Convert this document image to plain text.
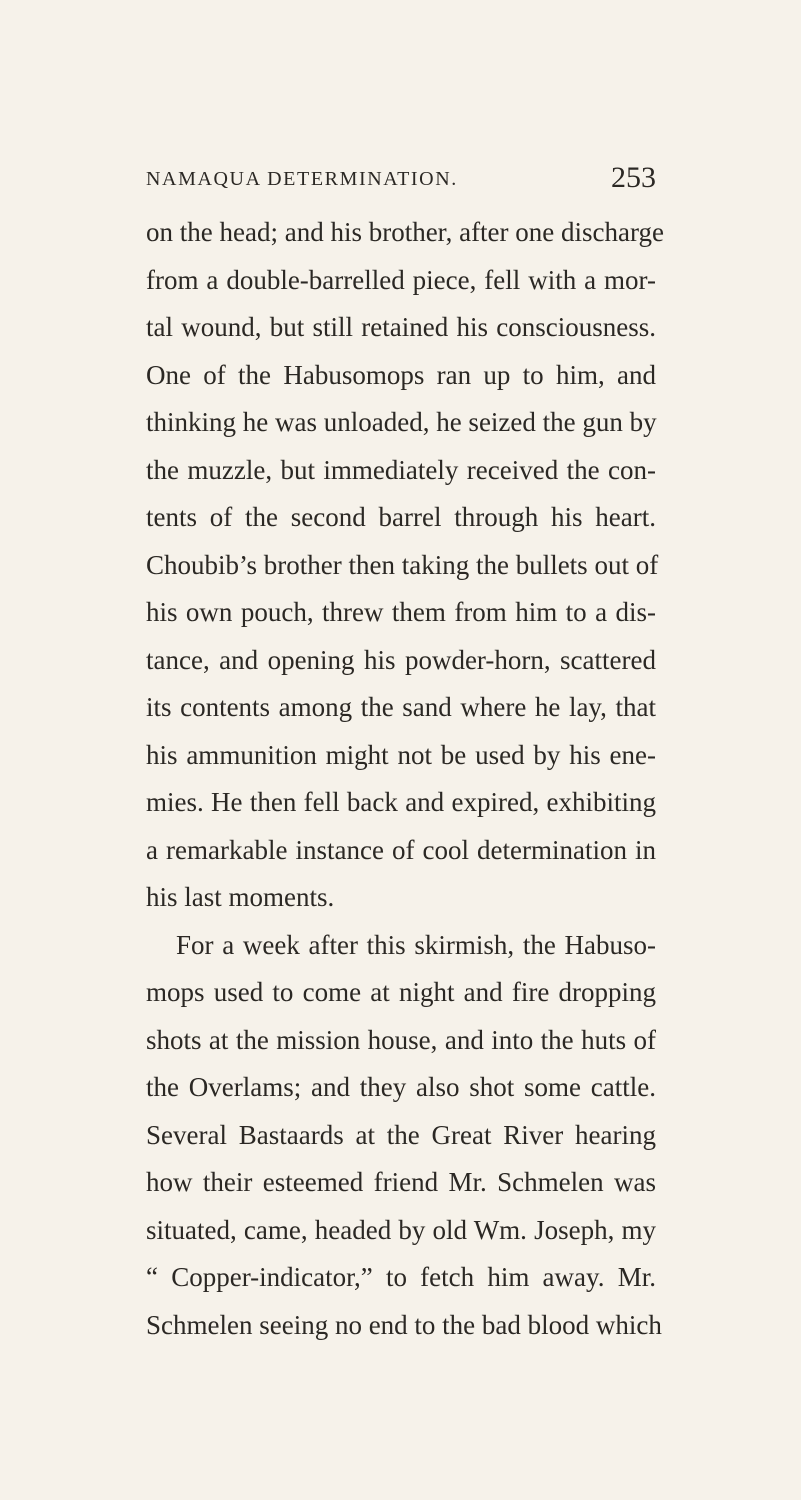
NAMAQUA DETERMINATION.	253
on the head; and his brother, after one discharge
from a double-barrelled piece, fell with a mor-
tal wound, but still retained his consciousness.
One of the Habusomops ran up to him, and
thinking he was unloaded, he seized the gun by
the muzzle, but immediately received the con-
tents of the second barrel through his heart.
Choubib’s brother then taking the bullets out of
his own pouch, threw them from him to a dis-
tance, and opening his powder-horn, scattered
its contents among the sand where he lay, that
his ammunition might not be used by his ene-
mies. He then fell back and expired, exhibiting
a remarkable instance of cool determination in
his last moments.
For a week after this skirmish, the Habuso-
mops used to come at night and fire dropping
shots at the mission house, and into the huts of
the Overlams; and they also shot some cattle.
Several Bastaards at the Great River hearing
how their esteemed friend Mr. Schmelen was
situated, came, headed by old Wm. Joseph, my
“ Copper-indicator,” to fetch him away. Mr.
Schmelen seeing no end to the bad blood which
